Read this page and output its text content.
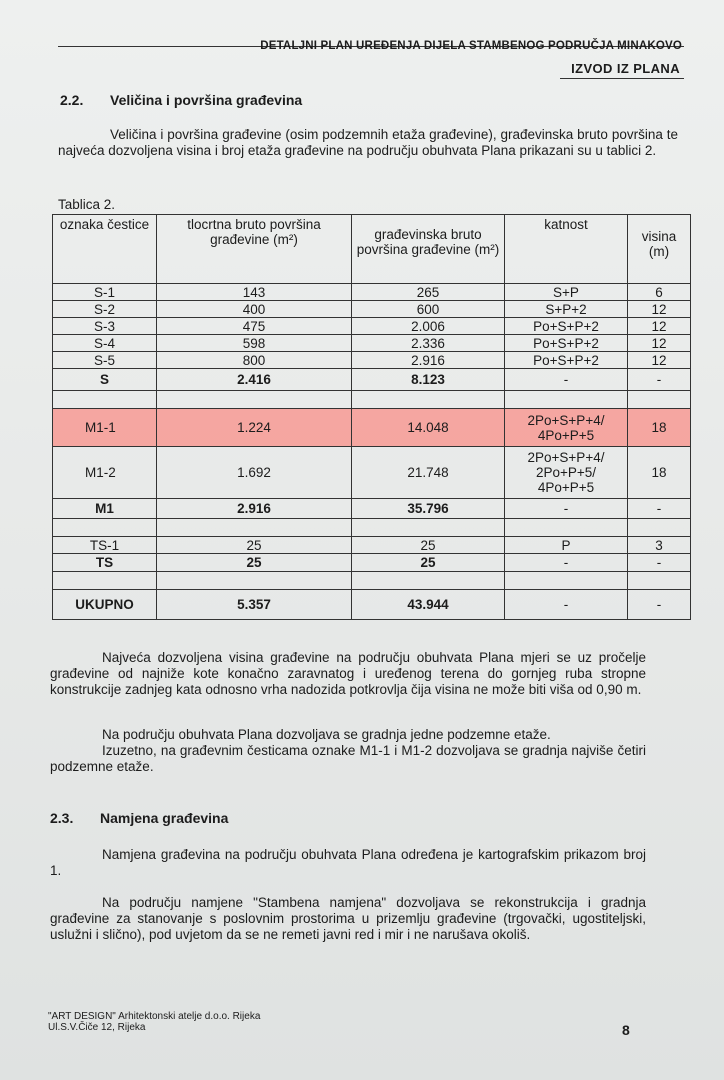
DETALJNI PLAN UREĐENJA DIJELA STAMBENOG PODRUČJA MINAKOVO
IZVOD IZ PLANA
2.2. Veličina i površina građevina

Veličina i površina građevine (osim podzemnih etaža građevine), građevinska bruto površina te najveća dozvoljena visina i broj etaža građevine na području obuhvata Plana prikazani su u tablici 2.

Tablica 2.
oznaka čestice	tlocrtna bruto površina građevine (m²)	građevinska bruto površina građevine (m²)	katnost	visina (m)
S-1	143	265	S+P	6
S-2	400	600	S+P+2	12
S-3	475	2.006	Po+S+P+2	12
S-4	598	2.336	Po+S+P+2	12
S-5	800	2.916	Po+S+P+2	12
S	2.416	8.123	-	-

M1-1	1.224	14.048	2Po+S+P+4/ 4Po+P+5	18
M1-2	1.692	21.748	2Po+S+P+4/ 2Po+P+5/ 4Po+P+5	18
M1	2.916	35.796	-	-

TS-1	25	25	P	3
TS	25	25	-	-

UKUPNO	5.357	43.944	-	-

Najveća dozvoljena visina građevine na području obuhvata Plana mjeri se uz pročelje građevine od najniže kote konačno zaravnatog i uređenog terena do gornjeg ruba stropne konstrukcije zadnjeg kata odnosno vrha nadozida potkrovlja čija visina ne može biti viša od 0,90 m.

Na području obuhvata Plana dozvoljava se gradnja jedne podzemne etaže.

Izuzetno, na građevnim česticama oznake M1-1 i M1-2 dozvoljava se gradnja najviše četiri podzemne etaže.

2.3. Namjena građevina

Namjena građevina na području obuhvata Plana određena je kartografskim prikazom broj 1.

Na području namjene "Stambena namjena" dozvoljava se rekonstrukcija i gradnja građevine za stanovanje s poslovnim prostorima u prizemlju građevine (trgovački, ugostiteljski, uslužni i slično), pod uvjetom da se ne remeti javni red i mir i ne narušava okoliš.

"ART DESIGN" Arhitektonski atelje d.o.o. Rijeka
Ul.S.V.Čiče 12, Rijeka	8
